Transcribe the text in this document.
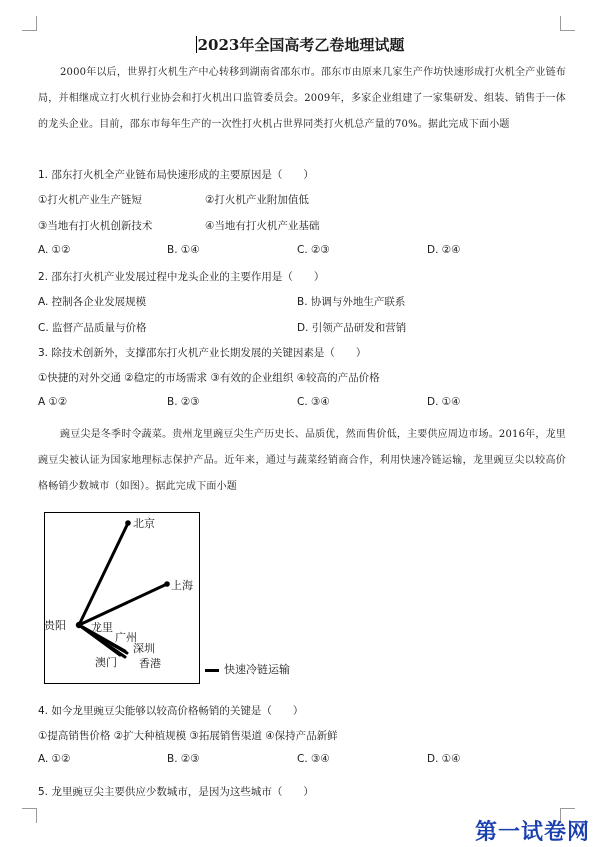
2023年全国高考乙卷地理试题
2000年以后，世界打火机生产中心转移到湖南省邵东市。邵东市由原来几家生产作坊快速形成打火机全产业链布局，并相继成立打火机行业协会和打火机出口监管委员会。2009年，多家企业组建了一家集研发、组装、销售于一体的龙头企业。目前，邵东市每年生产的一次性打火机占世界同类打火机总产量的70%。据此完成下面小题
1. 邵东打火机全产业链布局快速形成的主要原因是（　　）
①打火机产业生产链短	②打火机产业附加值低
③当地有打火机创新技术	④当地有打火机产业基础
A. ①②	B. ①④	C. ②③	D. ②④
2. 邵东打火机产业发展过程中龙头企业的主要作用是（　　）
A. 控制各企业发展规模	B. 协调与外地生产联系
C. 监督产品质量与价格	D. 引领产品研发和营销
3. 除技术创新外，支撑邵东打火机产业长期发展的关键因素是（　　）
①快捷的对外交通 ②稳定的市场需求 ③有效的企业组织 ④较高的产品价格
A ①②	B. ②③	C. ③④	D. ①④
豌豆尖是冬季时令蔬菜。贵州龙里豌豆尖生产历史长、品质优，然而售价低，主要供应周边市场。2016年，龙里豌豆尖被认证为国家地理标志保护产品。近年来，通过与蔬菜经销商合作，利用快速冷链运输，龙里豌豆尖以较高价格畅销少数城市（如图）。据此完成下面小题
北京
上海
贵阳 龙里
广州
深圳
澳门 香港	快速冷链运输
4. 如今龙里豌豆尖能够以较高价格畅销的关键是（　　）
①提高销售价格 ②扩大种植规模 ③拓展销售渠道 ④保持产品新鲜
A. ①②	B. ②③	C. ③④	D. ①④
5. 龙里豌豆尖主要供应少数城市，是因为这些城市（　　）
第一试卷网
